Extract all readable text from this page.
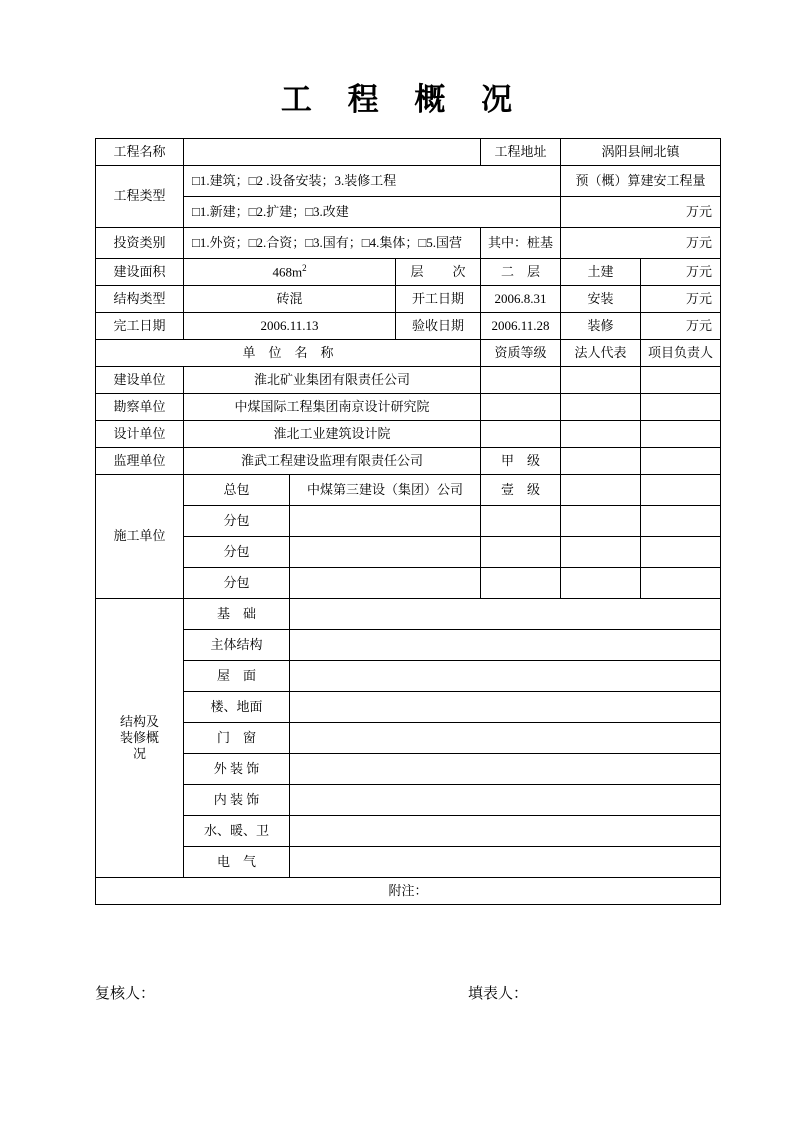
工 程 概 况
工程名称				工程地址	涡阳县闸北镇	
工程类型	□1.建筑；□2 .设备安装；3.装修工程				预（概）算建安工程量	
	□1.新建；□2.扩建；□3.改建				万元	
投资类别	□1.外资；□2.合资；□3.国有；□4.集体；□5.国营			其中：桩基	万元	
建设面积	$468m^2$		层　次	二　层	土建	万元
结构类型	砖混		开工日期	2006.8.31	安装	万元
完工日期	2006.11.13		验收日期	2006.11.28	装修	万元
单　位　名　称				资质等级	法人代表	项目负责人
建设单位	淮北矿业集团有限责任公司					
勘察单位	中煤国际工程集团南京设计研究院					
设计单位	淮北工业建筑设计院					
监理单位	淮武工程建设监理有限责任公司			甲　级		
施工单位	总包	中煤第三建设（集团）公司		壹　级		
	分包					
	分包					
	分包					

结构及
装修概
况	基　础					
	主体结构					
	屋　面					
	楼、地面					
	门　窗					
	外 装 饰					
	内 装 饰					
	水、暖、卫					
	电　气					
附注：						
复核人：	填表人：
